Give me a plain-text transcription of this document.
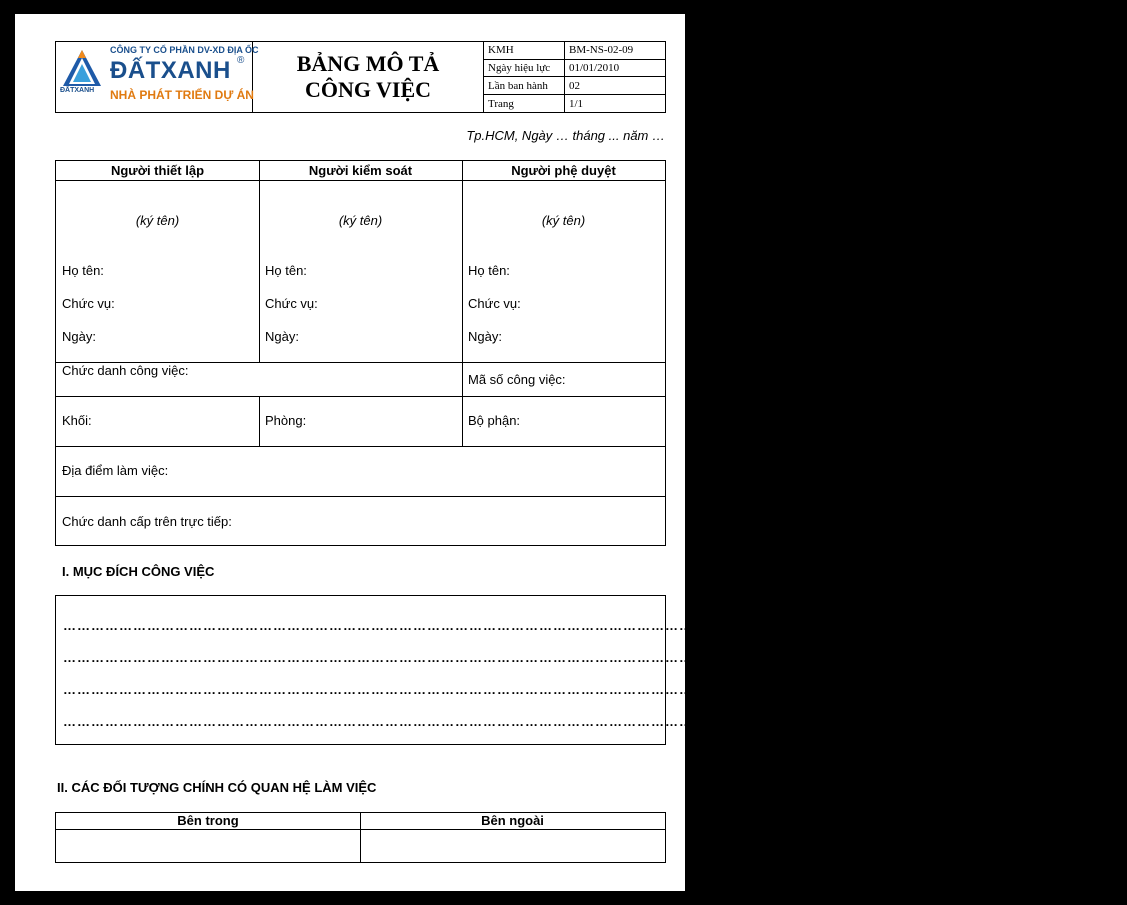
ĐẤTXANH
CÔNG TY CỔ PHẦN DV-XD ĐỊA ỐC
ĐẤTXANH ®
NHÀ PHÁT TRIỂN DỰ ÁN
BẢNG MÔ TẢ
CÔNG VIỆC
KMH	BM-NS-02-09
Ngày hiệu lực	01/01/2010
Lần ban hành	02
Trang	1/1
Tp.HCM, Ngày … tháng ... năm …
Người thiết lập	Người kiểm soát	Người phệ duyệt
(ký tên)	(ký tên)	(ký tên)
Họ tên:	Họ tên:	Họ tên:
Chức vụ:	Chức vụ:	Chức vụ:
Ngày:	Ngày:	Ngày:
Chức danh công việc:
Mã số công việc:
Khối:	Phòng:	Bộ phận:
Địa điểm làm việc:
Chức danh cấp trên trực tiếp:
I. MỤC ĐÍCH CÔNG VIỆC
…………………………………………………………………………………………………………………………………………………………………………………………………………
…………………………………………………………………………………………………………………………………………………………………………………………………………
…………………………………………………………………………………………………………………………………………………………………………………………………………
…………………………………………………………………………………………………………………………………………………………………………………………………………
II. CÁC ĐỐI TƯỢNG CHÍNH CÓ QUAN HỆ LÀM VIỆC
Bên trong	Bên ngoài
